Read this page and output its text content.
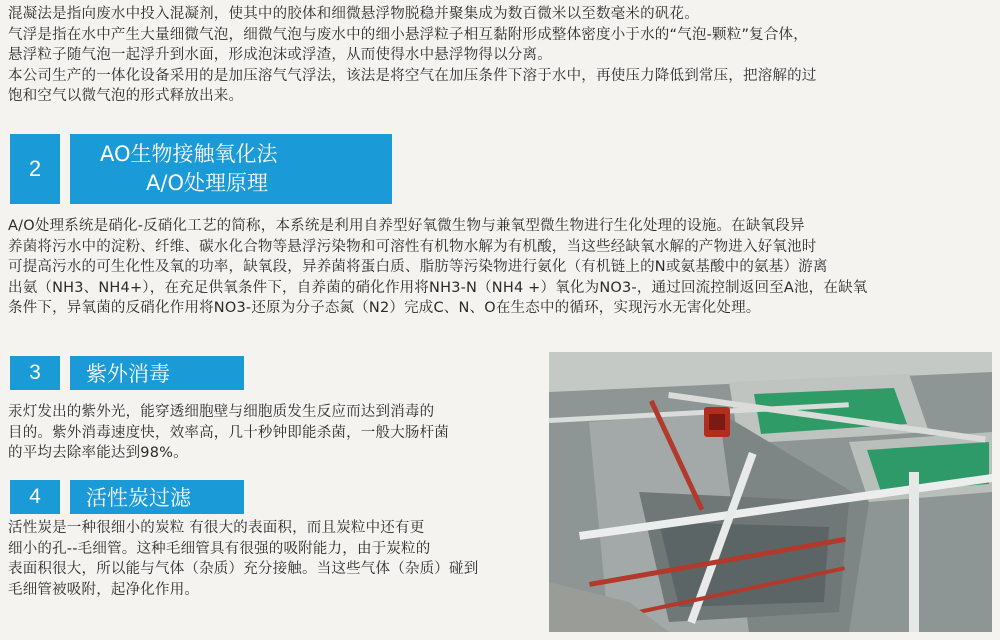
混凝法是指向废水中投入混凝剂，使其中的胶体和细微悬浮物脱稳并聚集成为数百微米以至数毫米的矾花。
气浮是指在水中产生大量细微气泡，细微气泡与废水中的细小悬浮粒子相互黏附形成整体密度小于水的“气泡-颗粒”复合体，
悬浮粒子随气泡一起浮升到水面，形成泡沫或浮渣，从而使得水中悬浮物得以分离。
本公司生产的一体化设备采用的是加压溶气气浮法，该法是将空气在加压条件下溶于水中，再使压力降低到常压，把溶解的过
饱和空气以微气泡的形式释放出来。
2
AO生物接触氧化法
A/O处理原理
A/O处理系统是硝化-反硝化工艺的简称，本系统是利用自养型好氧微生物与兼氧型微生物进行生化处理的设施。在缺氧段异
养菌将污水中的淀粉、纤维、碳水化合物等悬浮污染物和可溶性有机物水解为有机酸，当这些经缺氧水解的产物进入好氧池时
可提高污水的可生化性及氧的功率，缺氧段，异养菌将蛋白质、脂肪等污染物进行氨化（有机链上的N或氨基酸中的氨基）游离
出氨（NH3、NH4+），在充足供氧条件下，自养菌的硝化作用将NH3-N（NH4 +）氧化为NO3-，通过回流控制返回至A池，在缺氧
条件下，异氧菌的反硝化作用将NO3-还原为分子态氮（N2）完成C、N、O在生态中的循环，实现污水无害化处理。
3	紫外消毒
汞灯发出的紫外光，能穿透细胞壁与细胞质发生反应而达到消毒的
目的。紫外消毒速度快，效率高，几十秒钟即能杀菌，一般大肠杆菌
的平均去除率能达到98%。
4	活性炭过滤
活性炭是一种很细小的炭粒 有很大的表面积，而且炭粒中还有更
细小的孔--毛细管。这种毛细管具有很强的吸附能力，由于炭粒的
表面积很大，所以能与气体（杂质）充分接触。当这些气体（杂质）碰到
毛细管被吸附，起净化作用。
